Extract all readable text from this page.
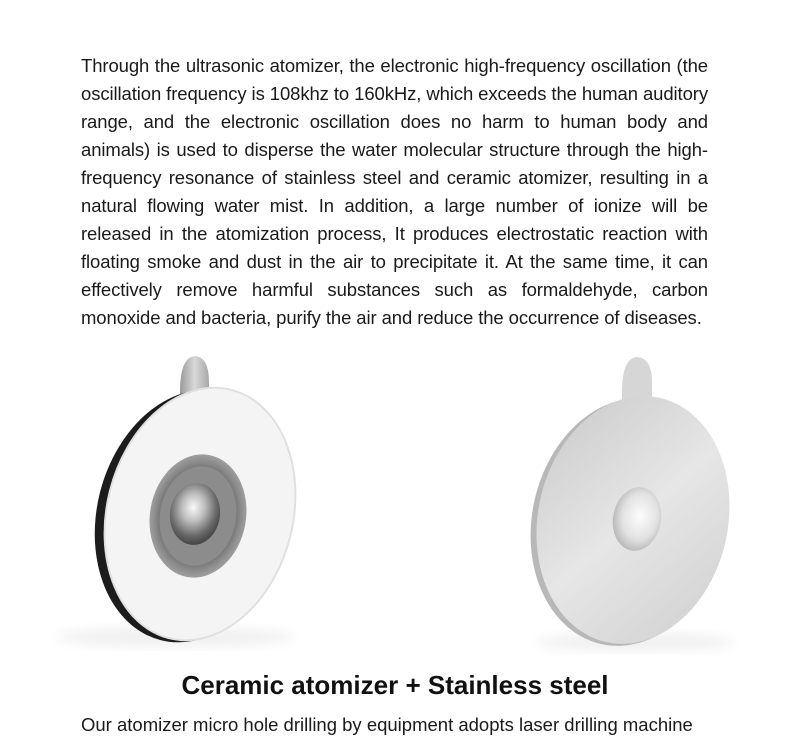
Through the ultrasonic atomizer, the electronic high-frequency oscillation (the oscillation frequency is 108khz to 160kHz, which exceeds the human auditory range, and the electronic oscillation does no harm to human body and animals) is used to disperse the water molecular structure through the high-frequency resonance of stainless steel and ceramic atomizer, resulting in a natural flowing water mist. In addition, a large number of ionize will be released in the atomization process, It produces electrostatic reaction with floating smoke and dust in the air to precipitate it. At the same time, it can effectively remove harmful substances such as formaldehyde, carbon monoxide and bacteria, purify the air and reduce the occurrence of diseases.

Ceramic atomizer + Stainless steel

Our atomizer micro hole drilling by equipment adopts laser drilling machine
